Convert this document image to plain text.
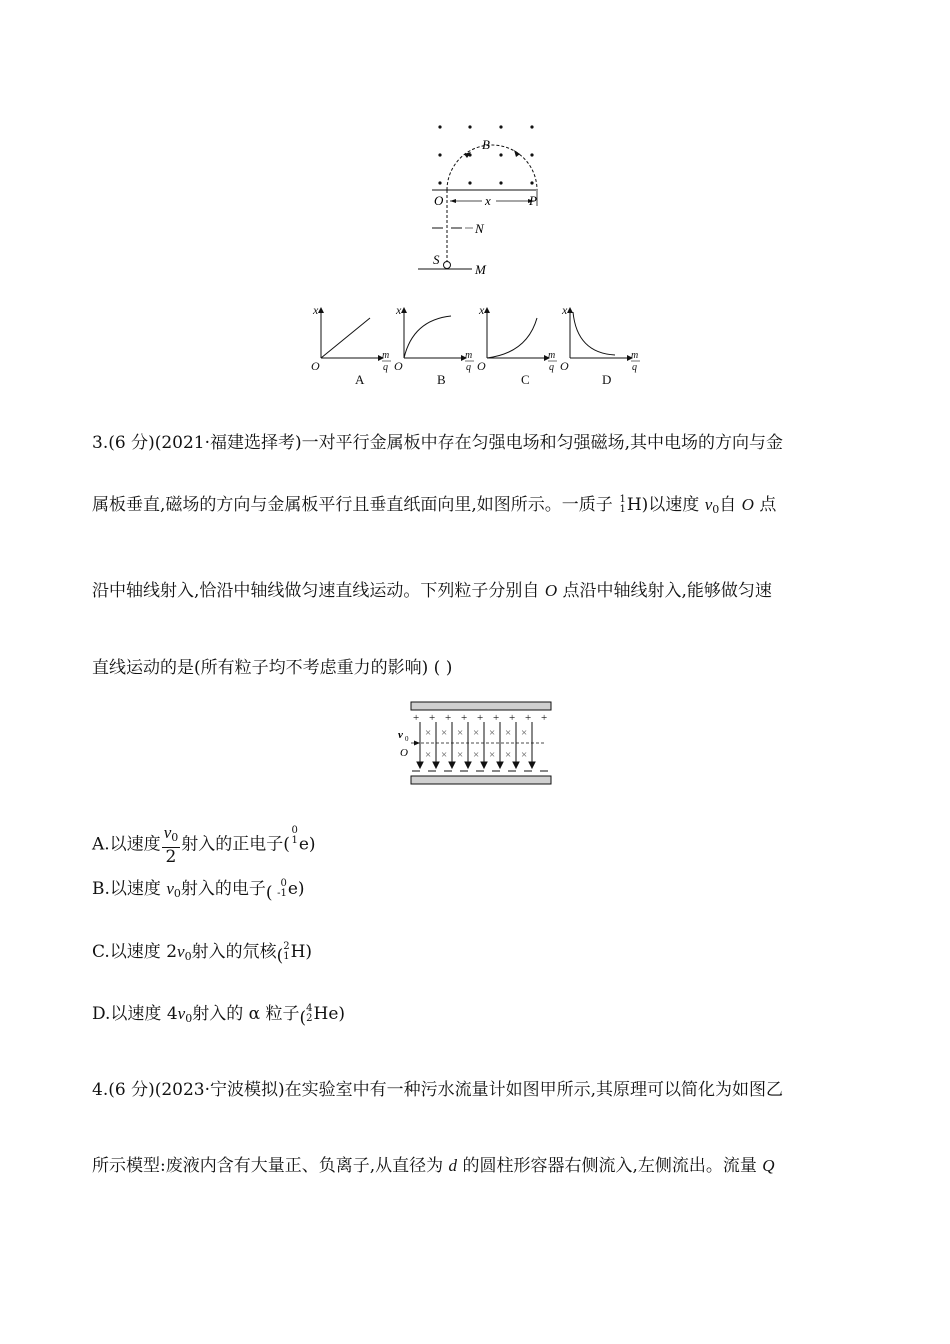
B
O	x	P
N
S
M
x	x	x	x
O	O	O	O
m
q
m
q
m
q
m
q
A	B	C	D
3.(6 分)(2021·福建选择考)一对平行金属板中存在匀强电场和匀强磁场,其中电场的方向与金
属板垂直,磁场的方向与金属板平行且垂直纸面向里,如图所示。一质子 1
1 H)以速度 $v_0$自 O 点
沿中轴线射入,恰沿中轴线做匀速直线运动。下列粒子分别自 O 点沿中轴线射入,能够做匀速
直线运动的是(所有粒子均不考虑重力的影响) ( )
+ + + + + + + + +
×
×
×
×
×
×
×
×
×
×
×
×
×
×
v 0
O
A.以速度 $\frac{v_0}{2}$ 射入的正电子(
0
1 e)
B.以速度 $v_0$射入的电子 ( 0
-1 e)
C.以速度 $2v_0$射入的氘核 ( 2
1 H)
D.以速度 $4v_0$射入的 α 粒子 ( 4
2 He)
4.(6 分)(2023·宁波模拟)在实验室中有一种污水流量计如图甲所示,其原理可以简化为如图乙
所示模型:废液内含有大量正、负离子,从直径为 d 的圆柱形容器右侧流入,左侧流出。流量 Q
